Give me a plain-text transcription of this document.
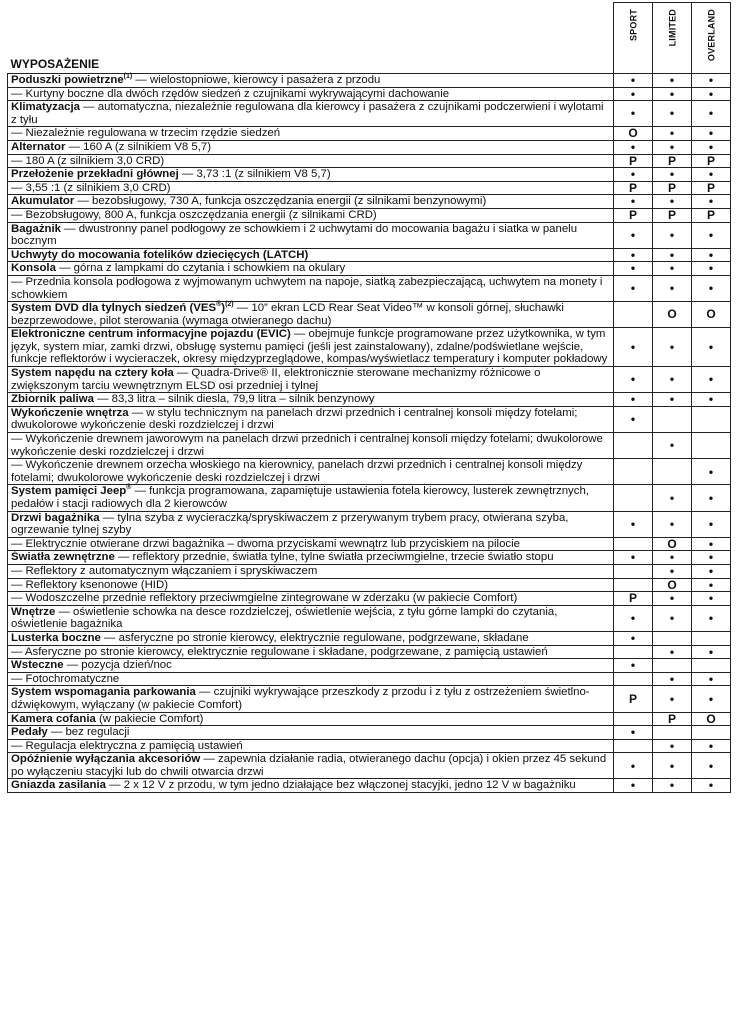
WYPOSAŻENIE	SPORT	LIMITED	OVERLAND

Poduszki powietrzne$^{(1)}$ — wielostopniowe, kierowcy i pasażera z przodu	•	•	•
— Kurtyny boczne dla dwóch rzędów siedzeń z czujnikami wykrywającymi dachowanie	•	•	•
Klimatyzacja — automatyczna, niezależnie regulowana dla kierowcy i pasażera z czujnikami podczerwieni i wylotami z tyłu	•	•	•
— Niezależnie regulowana w trzecim rzędzie siedzeń	O	•	•
Alternator — 160 A (z silnikiem V8 5,7)	•	•	•
— 180 A (z silnikiem 3,0 CRD)	P	P	P
Przełożenie przekładni głównej — 3,73 :1 (z silnikiem V8 5,7)	•	•	•
— 3,55 :1 (z silnikiem 3,0 CRD)	P	P	P
Akumulator — bezobsługowy, 730 A, funkcja oszczędzania energii (z silnikami benzynowymi)	•	•	•
— Bezobsługowy, 800 A, funkcja oszczędzania energii (z silnikami CRD)	P	P	P
Bagażnik — dwustronny panel podłogowy ze schowkiem i 2 uchwytami do mocowania bagażu i siatka w panelu bocznym	•	•	•
Uchwyty do mocowania fotelików dziecięcych (LATCH)	•	•	•
Konsola — górna z lampkami do czytania i schowkiem na okulary	•	•	•
— Przednia konsola podłogowa z wyjmowanym uchwytem na napoje, siatką zabezpieczającą, uchwytem na monety i schowkiem	•	•	•
System DVD dla tylnych siedzeń $(VES®)^{(2)}$ — 10” ekran LCD Rear Seat Video™ w konsoli górnej, słuchawki bezprzewodowe, pilot sterowania (wymaga otwieranego dachu)		O	O
Elektroniczne centrum informacyjne pojazdu (EVIC) — obejmuje funkcje programowane przez użytkownika, w tym język, system miar, zamki drzwi, obsługę systemu pamięci (jeśli jest zainstalowany), zdalne/podświetlane wejście, funkcje reflektorów i wycieraczek, okresy międzyprzeglądowe, kompas/wyświetlacz temperatury i komputer pokładowy	•	•	•
System napędu na cztery koła — Quadra-Drive® II, elektronicznie sterowane mechanizmy różnicowe o zwiększonym tarciu wewnętrznym ELSD osi przedniej i tylnej	•	•	•
Zbiornik paliwa — 83,3 litra – silnik diesla, 79,9 litra – silnik benzynowy	•	•	•
Wykończenie wnętrza — w stylu technicznym na panelach drzwi przednich i centralnej konsoli między fotelami; dwukolorowe wykończenie deski rozdzielczej i drzwi	•		
— Wykończenie drewnem jaworowym na panelach drzwi przednich i centralnej konsoli między fotelami; dwukolorowe wykończenie deski rozdzielczej i drzwi		•	
— Wykończenie drewnem orzecha włoskiego na kierownicy, panelach drzwi przednich i centralnej konsoli między fotelami; dwukolorowe wykończenie deski rozdzielczej i drzwi			•
System pamięci Jeep® — funkcja programowana, zapamiętuje ustawienia fotela kierowcy, lusterek zewnętrznych, pedałów i stacji radiowych dla 2 kierowców		•	•
Drzwi bagażnika — tylna szyba z wycieraczką/spryskiwaczem z przerywanym trybem pracy, otwierana szyba, ogrzewanie tylnej szyby	•	•	•
— Elektrycznie otwierane drzwi bagażnika – dwoma przyciskami wewnątrz lub przyciskiem na pilocie		O	•
Światła zewnętrzne — reflektory przednie, światła tylne, tylne światła przeciwmgielne, trzecie światło stopu	•	•	•
— Reflektory z automatycznym włączaniem i spryskiwaczem		•	•
— Reflektory ksenonowe (HID)		O	•
— Wodoszczelne przednie reflektory przeciwmgielne zintegrowane w zderzaku (w pakiecie Comfort)	P	•	•
Wnętrze — oświetlenie schowka na desce rozdzielczej, oświetlenie wejścia, z tyłu górne lampki do czytania, oświetlenie bagażnika	•	•	•
Lusterka boczne — asferyczne po stronie kierowcy, elektrycznie regulowane, podgrzewane, składane	•		
— Asferyczne po stronie kierowcy, elektrycznie regulowane i składane, podgrzewane, z pamięcią ustawień		•	•
Wsteczne — pozycja dzień/noc	•		
— Fotochromatyczne		•	•
System wspomagania parkowania — czujniki wykrywające przeszkody z przodu i z tyłu z ostrzeżeniem świetlno-dźwiękowym, wyłączany (w pakiecie Comfort)	P	•	•
Kamera cofania (w pakiecie Comfort)		P	O
Pedały — bez regulacji	•		
— Regulacja elektryczna z pamięcią ustawień		•	•
Opóźnienie wyłączania akcesoriów — zapewnia działanie radia, otwieranego dachu (opcja) i okien przez 45 sekund po wyłączeniu stacyjki lub do chwili otwarcia drzwi	•	•	•
Gniazda zasilania — 2 x 12 V z przodu, w tym jedno działające bez włączonej stacyjki, jedno 12 V w bagażniku	•	•	•
